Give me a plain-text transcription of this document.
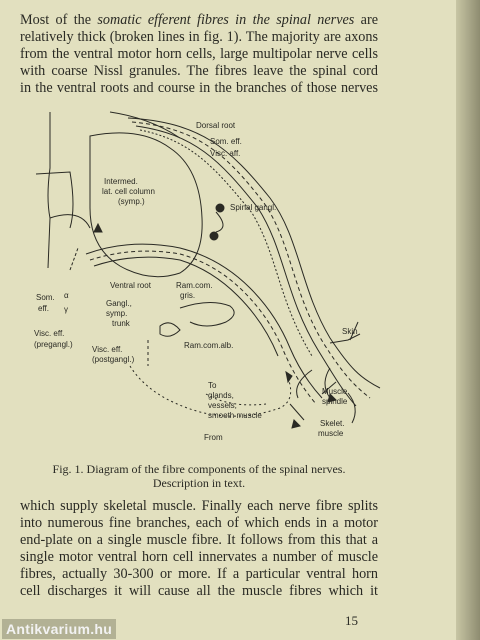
Most of the somatic efferent fibres in the spinal nerves are
relatively thick (broken lines in fig. 1). The majority are axons
from the ventral motor horn cells, large multipolar nerve cells
with coarse Nissl granules. The fibres leave the spinal cord
in the ventral roots and course in the branches of those nerves

Dorsal root
Som. eff.
Visc. aff.
Intermed.
lat. cell column
(symp.)
Spinal gangl.
Ventral root	Ram.com.
gris.
Gangl.,
symp.
trunk
Som.
eff.
α
γ
Visc. eff.
(pregangl.)
Visc. eff.
(postgangl.)
Ram.com.alb.
Skin
Muscle
spindle
Skelet.
muscle
To
glands,
vessels,
smooth muscle
From

Fig. 1. Diagram of the fibre components of the spinal nerves.
Description in text.

which supply skeletal muscle. Finally each nerve fibre splits
into numerous fine branches, each of which ends in a motor
end-plate on a single muscle fibre. It follows from this that a
single motor ventral horn cell innervates a number of muscle
fibres, actually 30-300 or more. If a particular ventral horn
cell discharges it will cause all the muscle fibres which it

15
Antikvarium.hu
